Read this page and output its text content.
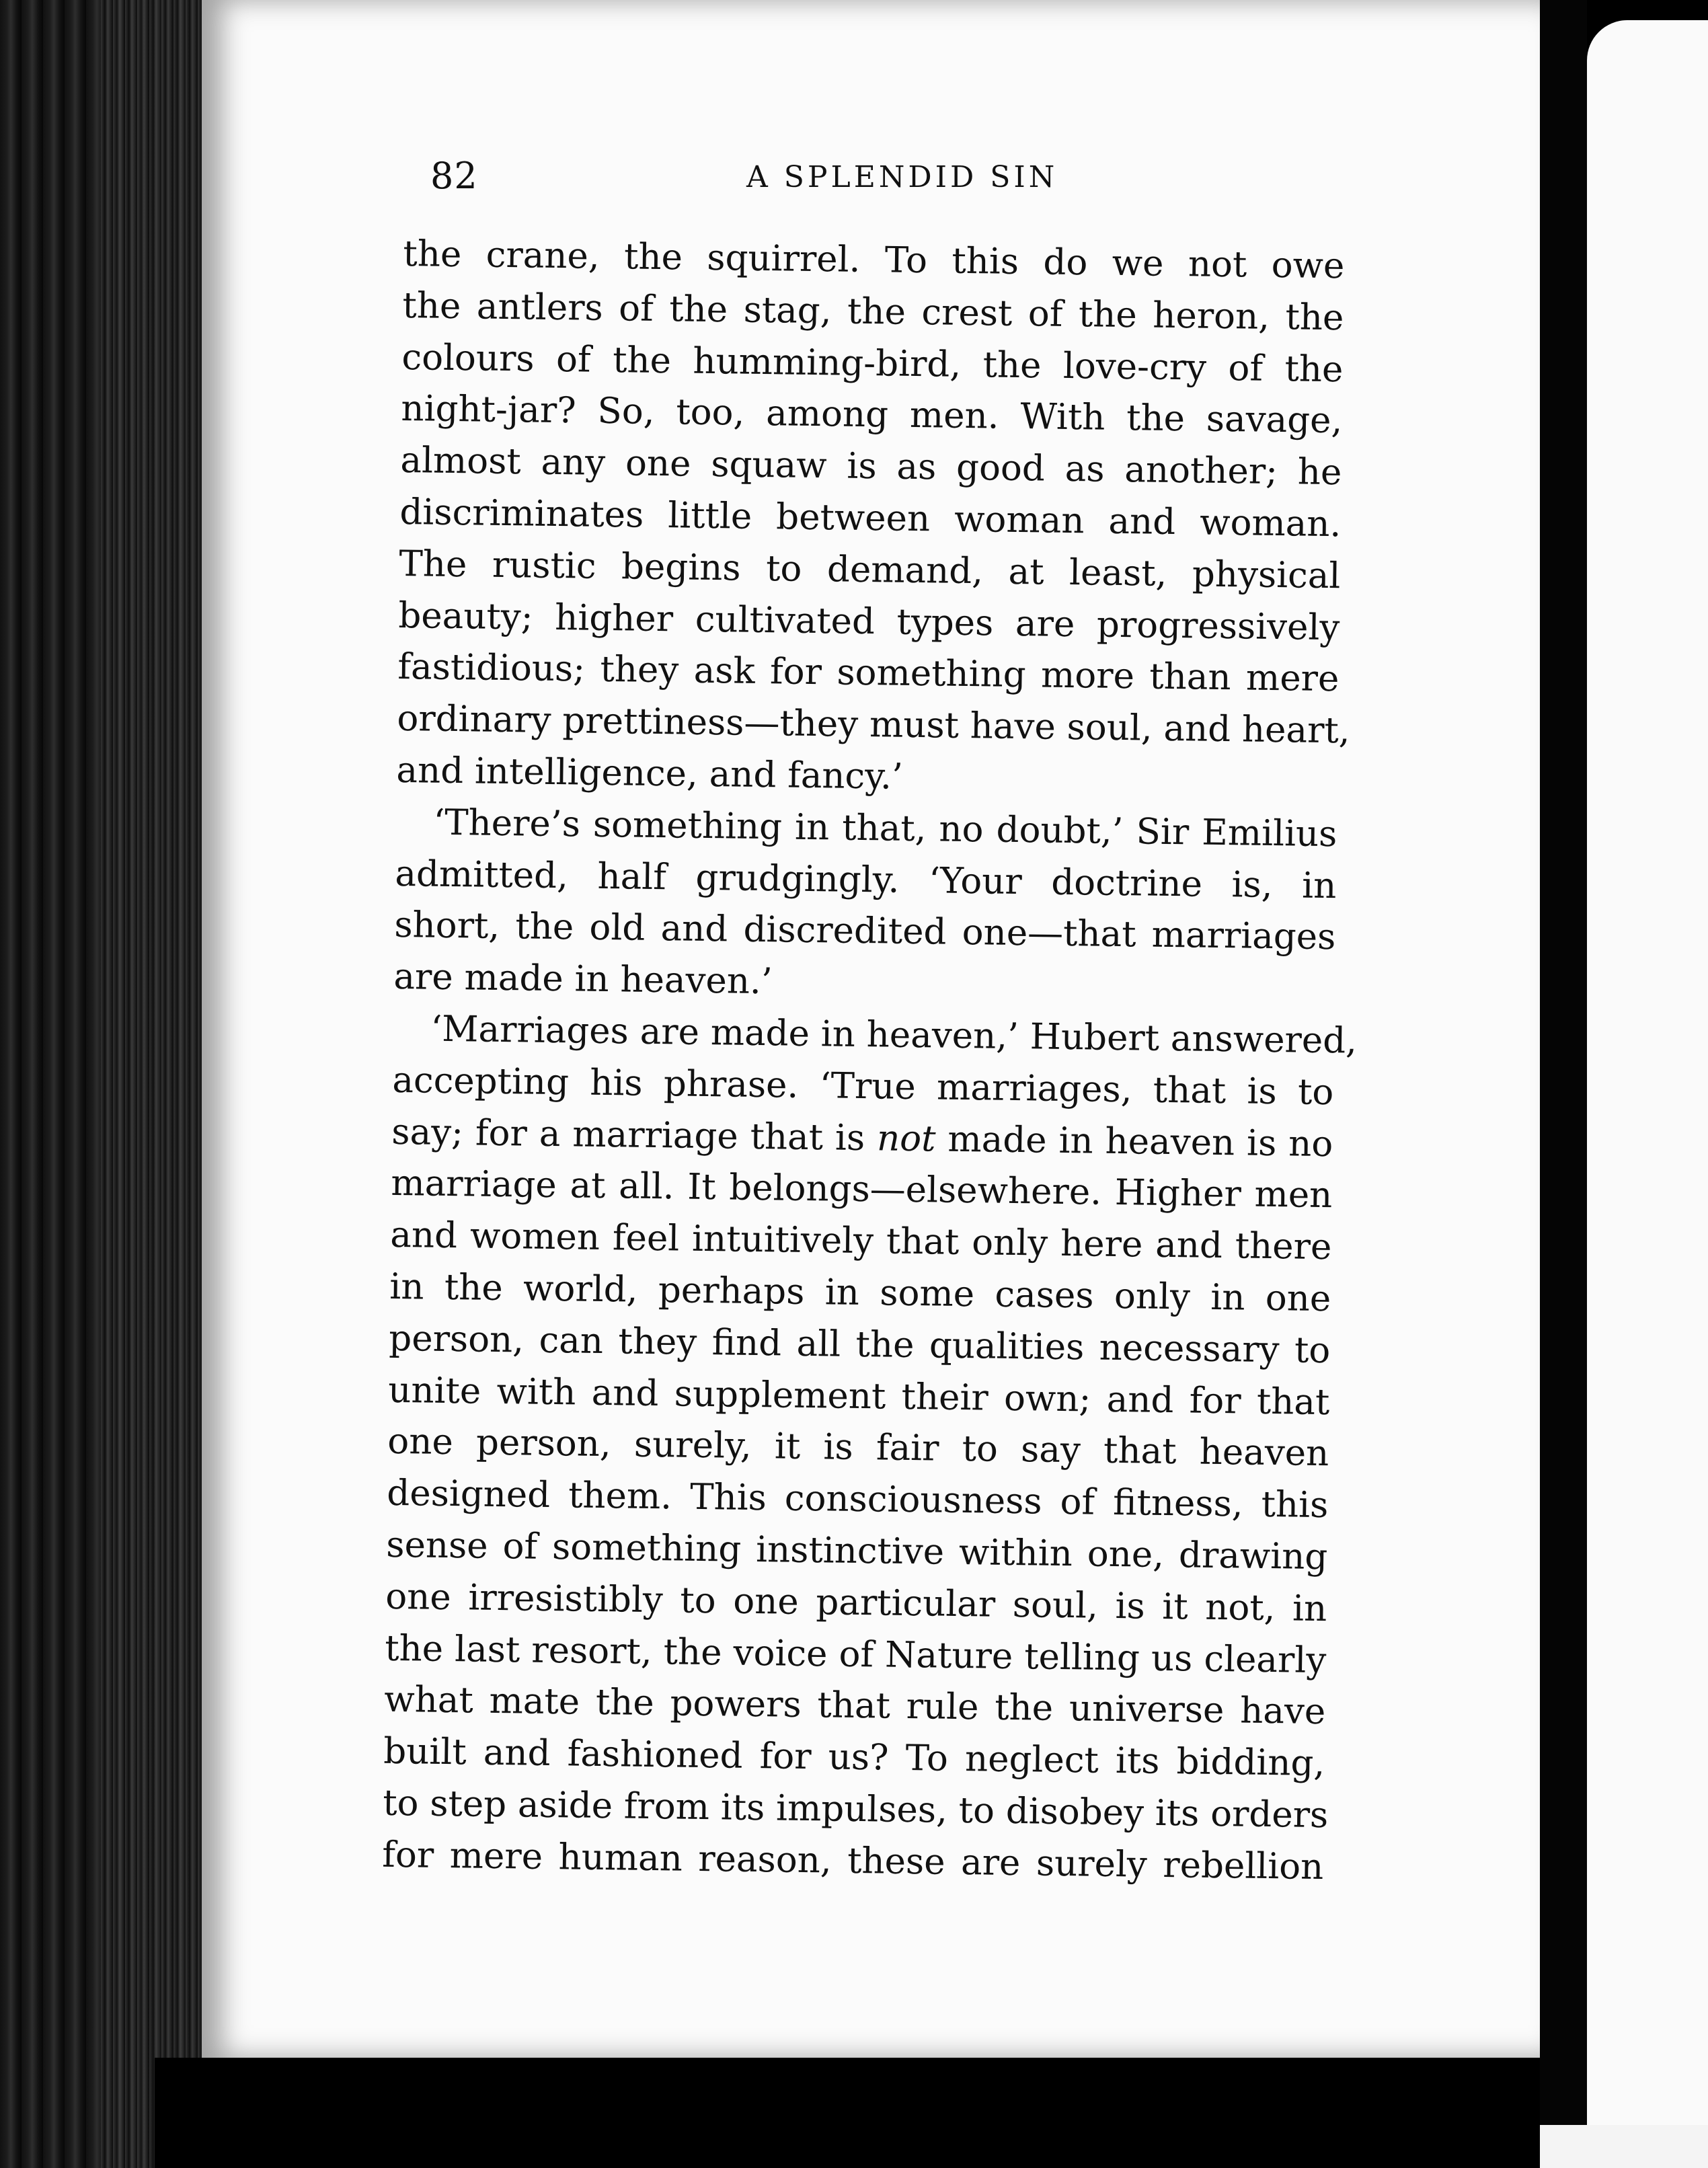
82	A SPLENDID SIN
the crane, the squirrel. To this do we not owe
the antlers of the stag, the crest of the heron, the
colours of the humming-bird, the love-cry of the
night-jar? So, too, among men. With the savage,
almost any one squaw is as good as another; he
discriminates little between woman and woman.
The rustic begins to demand, at least, physical
beauty; higher cultivated types are progressively
fastidious; they ask for something more than mere
ordinary prettiness—they must have soul, and heart,
and intelligence, and fancy.’
‘There’s something in that, no doubt,’ Sir Emilius
admitted, half grudgingly. ‘Your doctrine is, in
short, the old and discredited one—that marriages
are made in heaven.’
‘Marriages are made in heaven,’ Hubert answered,
accepting his phrase. ‘True marriages, that is to
say; for a marriage that is not made in heaven is no
marriage at all. It belongs—elsewhere. Higher men
and women feel intuitively that only here and there
in the world, perhaps in some cases only in one
person, can they find all the qualities necessary to
unite with and supplement their own; and for that
one person, surely, it is fair to say that heaven
designed them. This consciousness of fitness, this
sense of something instinctive within one, drawing
one irresistibly to one particular soul, is it not, in
the last resort, the voice of Nature telling us clearly
what mate the powers that rule the universe have
built and fashioned for us? To neglect its bidding,
to step aside from its impulses, to disobey its orders
for mere human reason, these are surely rebellion
